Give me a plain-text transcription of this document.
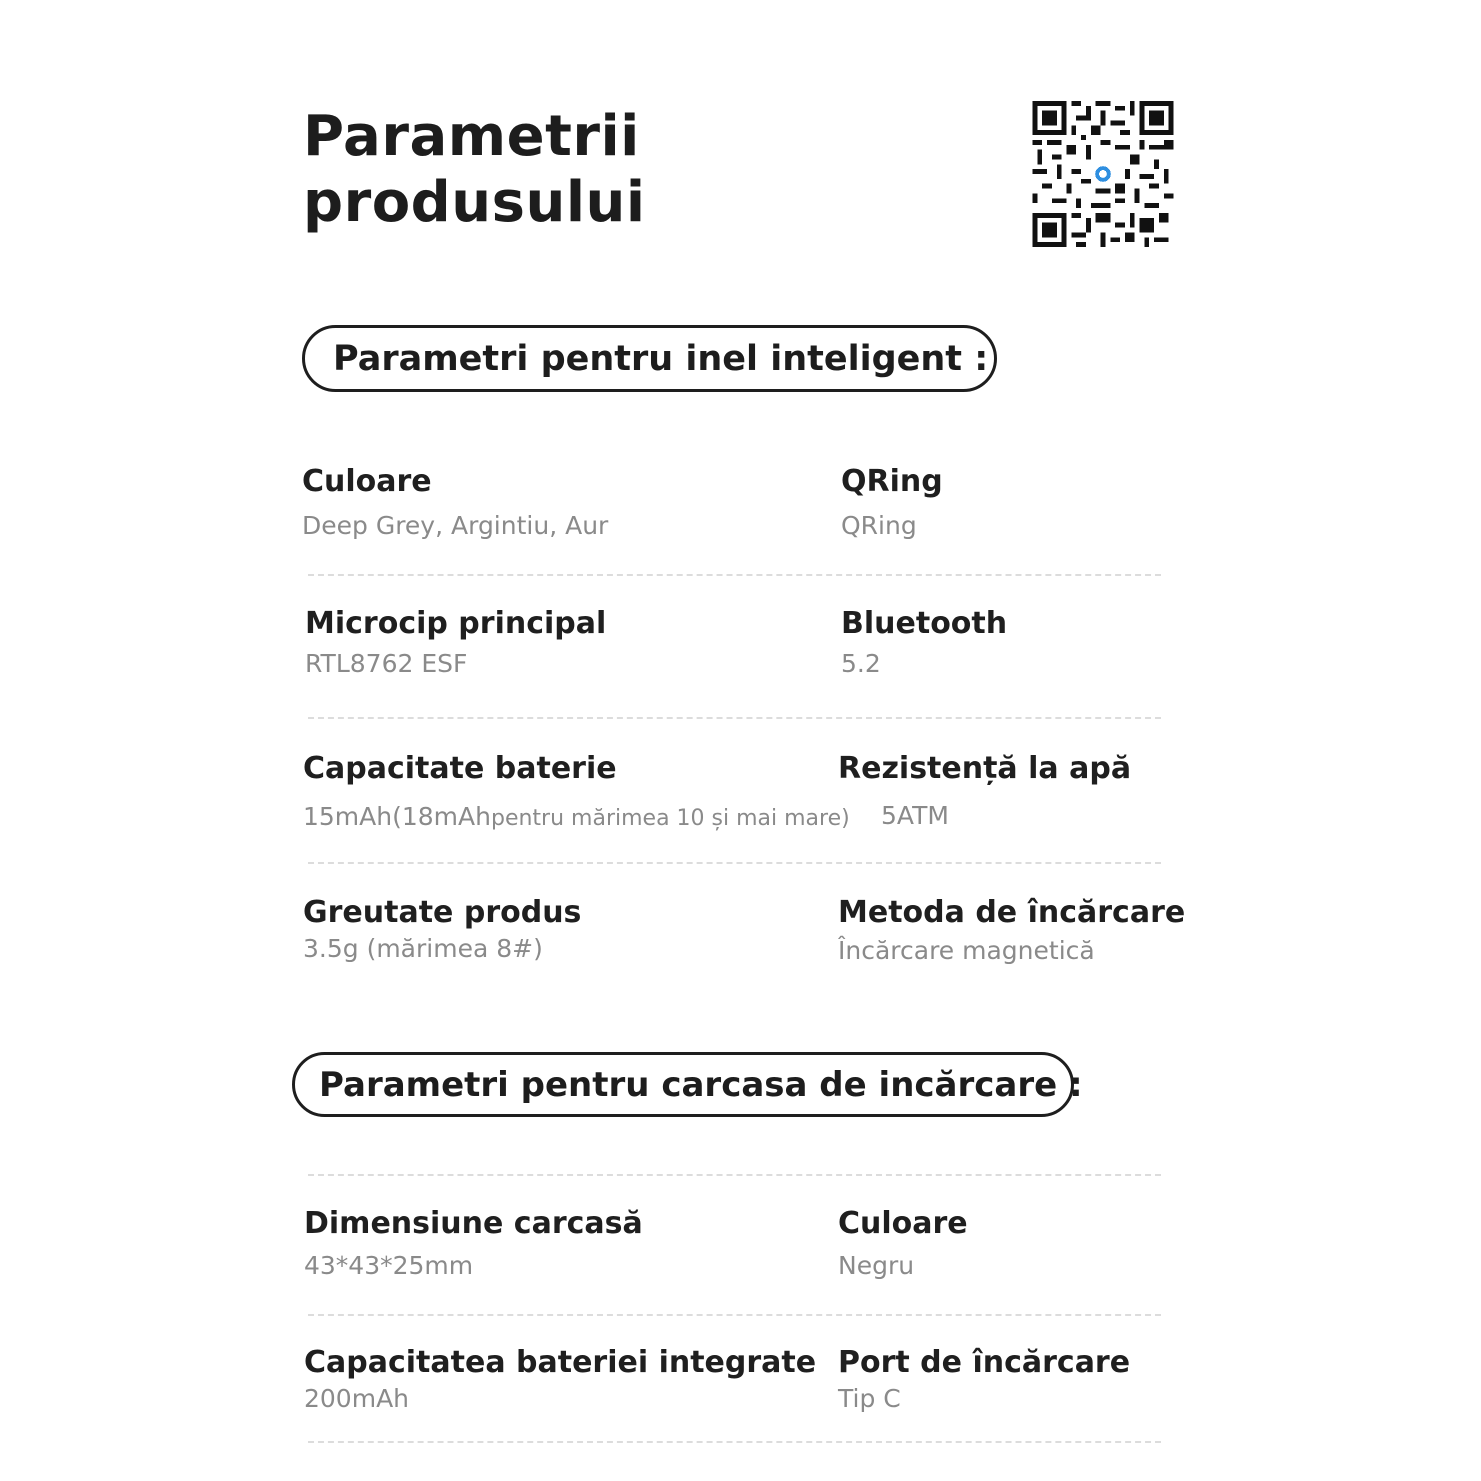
Parametrii
produsului
Parametri pentru inel inteligent :
Culoare
Deep Grey, Argintiu, Aur
QRing
QRing
Microcip principal
RTL8762 ESF
Bluetooth
5.2
Capacitate baterie
15mAh(18mAhpentru mărimea 10 și mai mare)
Rezistență la apă
5ATM
Greutate produs
3.5g (mărimea 8#)
Metoda de încărcare
Încărcare magnetică
Parametri pentru carcasa de incărcare :
Dimensiune carcasă
43*43*25mm
Culoare
Negru
Capacitatea bateriei integrate
200mAh
Port de încărcare
Tip C
